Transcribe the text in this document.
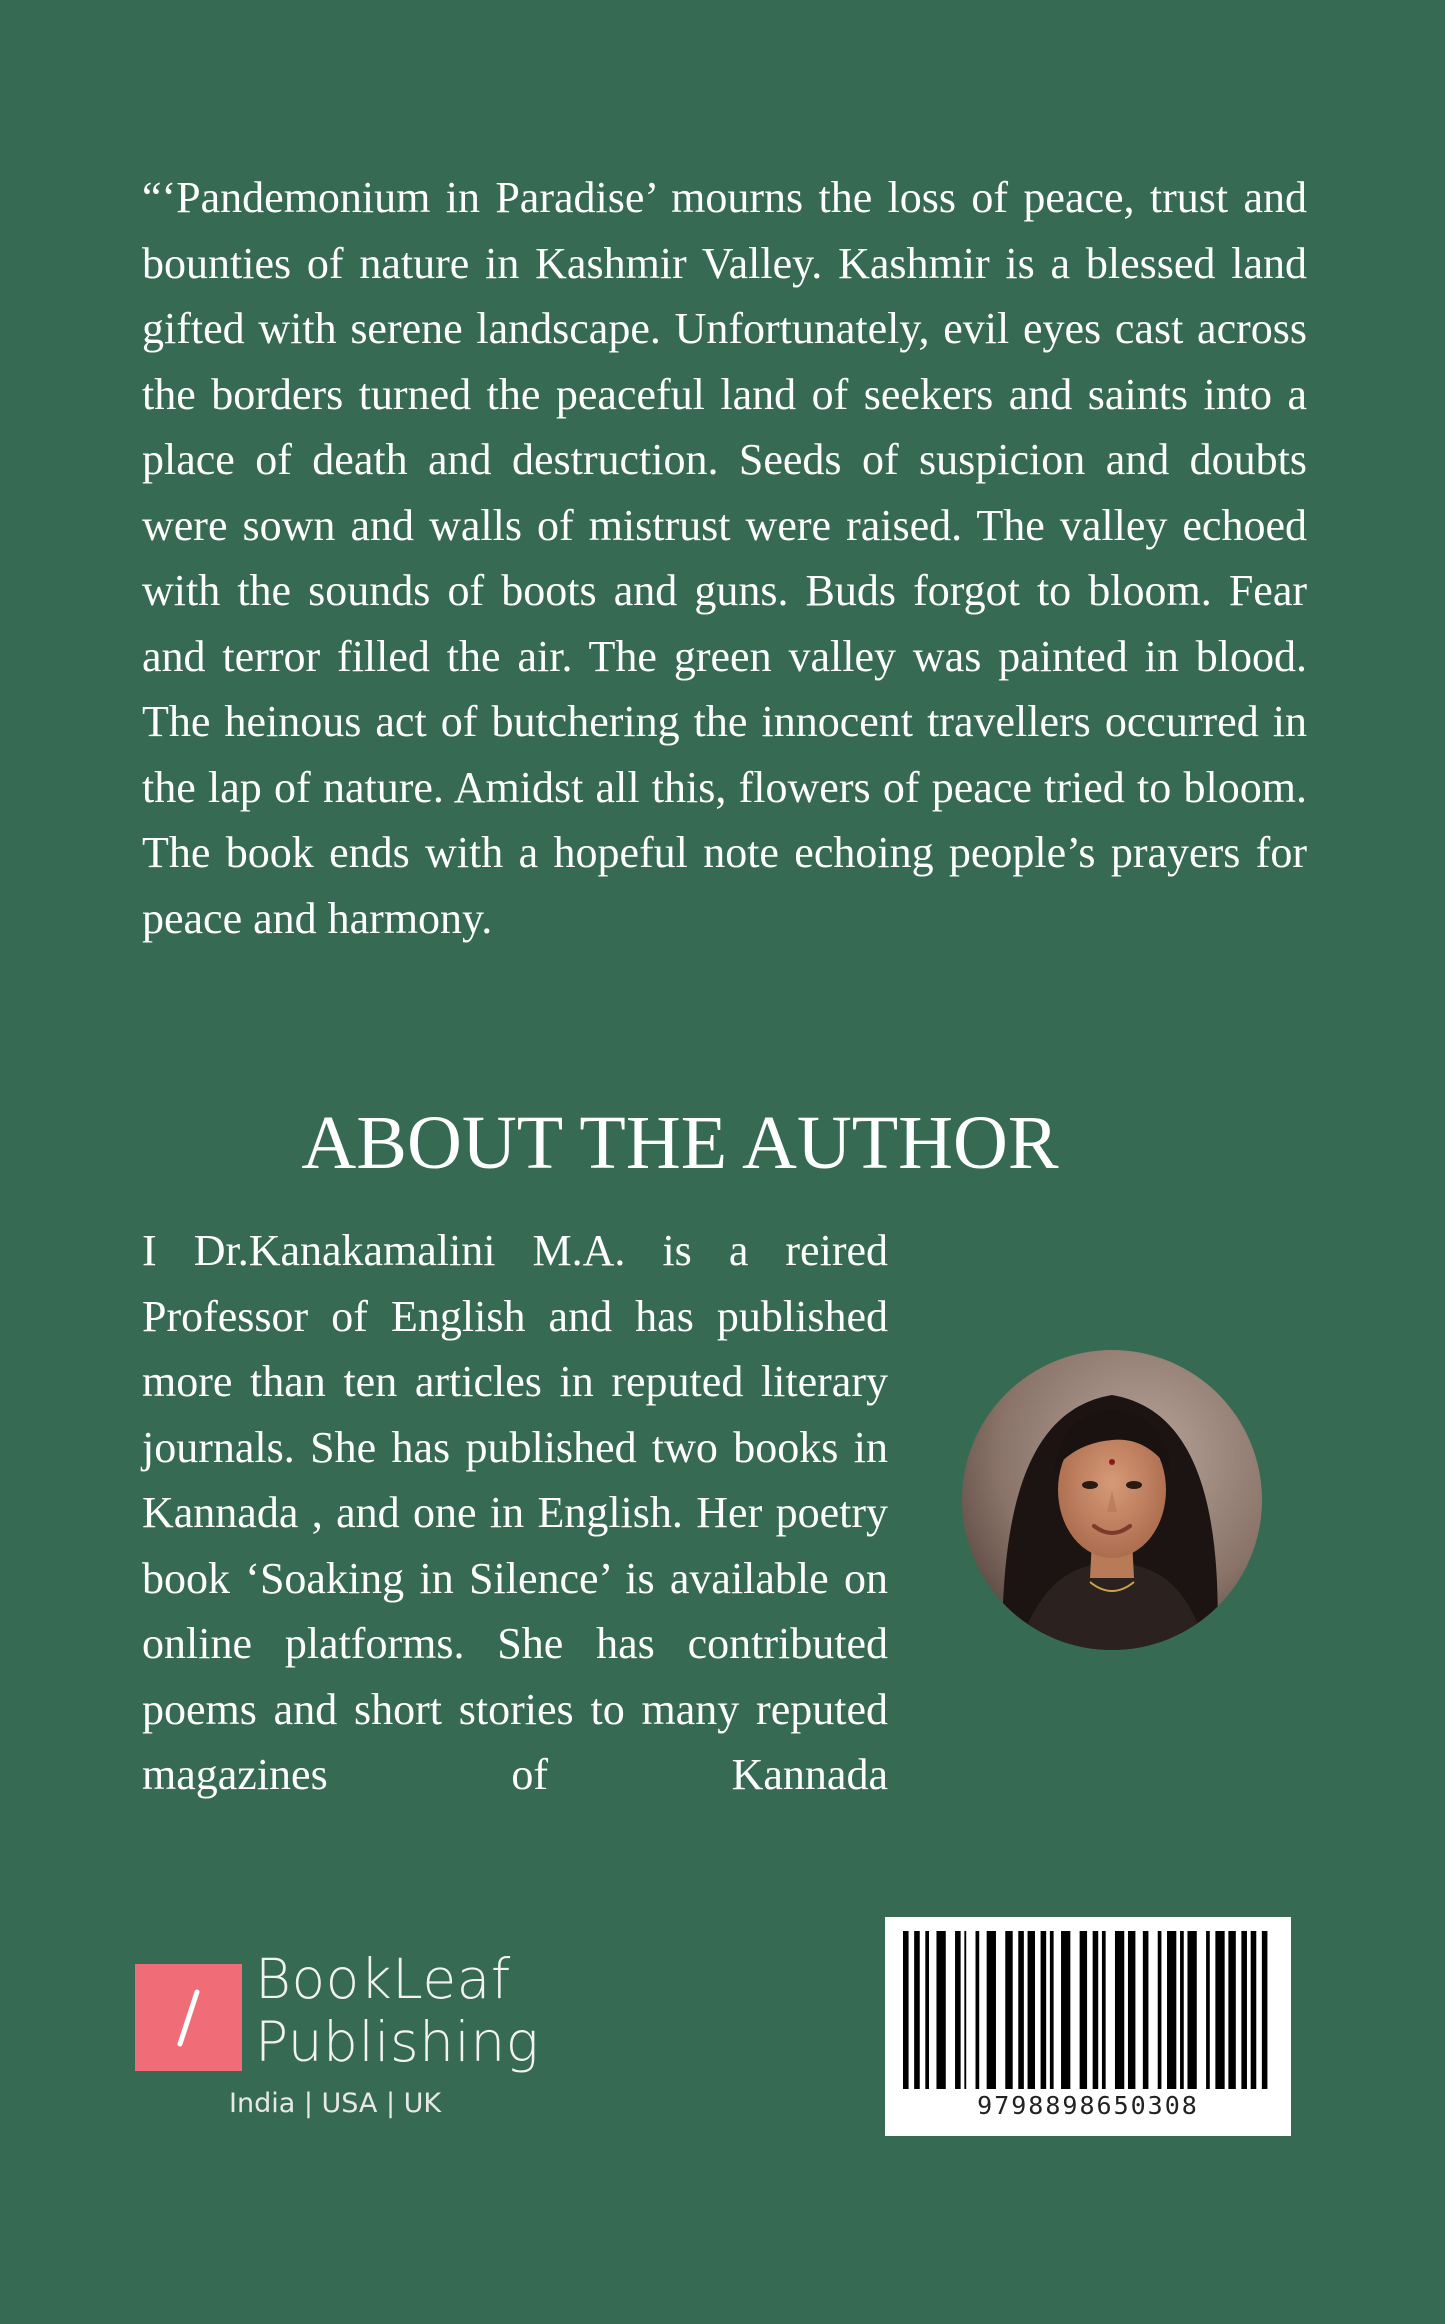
“‘Pandemonium in Paradise’ mourns the loss of peace, trust and bounties of nature in Kashmir Valley. Kashmir is a blessed land gifted with serene landscape. Unfortunately, evil eyes cast across the borders turned the peaceful land of seekers and saints into a place of death and destruction. Seeds of suspicion and doubts were sown and walls of mistrust were raised. The valley echoed with the sounds of boots and guns. Buds forgot to bloom. Fear and terror filled the air. The green valley was painted in blood. The heinous act of butchering the innocent travellers occurred in the lap of nature. Amidst all this, flowers of peace tried to bloom. The book ends with a hopeful note echoing people’s prayers for peace and harmony.

ABOUT THE AUTHOR

I Dr.Kanakamalini M.A. is a reired Professor of English and has published more than ten articles in reputed literary journals. She has published two books in Kannada , and one in English. Her poetry book ‘Soaking in Silence’ is available on online platforms. She has contributed poems and short stories to many reputed magazines of Kannada

BookLeaf
Publishing
India | USA | UK	9798898650308
